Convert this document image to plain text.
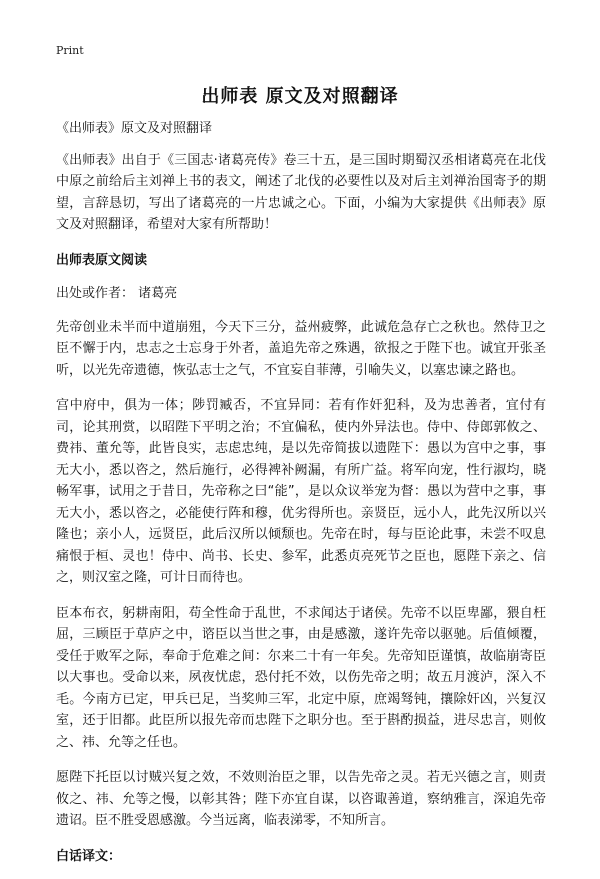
Print
出师表 原文及对照翻译
《出师表》原文及对照翻译
《出师表》出自于《三国志·诸葛亮传》卷三十五，是三国时期蜀汉丞相诸葛亮在北伐中原之前给后主刘禅上书的表文，阐述了北伐的必要性以及对后主刘禅治国寄予的期望，言辞恳切，写出了诸葛亮的一片忠诚之心。下面，小编为大家提供《出师表》原文及对照翻译，希望对大家有所帮助！
出师表原文阅读
出处或作者： 诸葛亮
先帝创业未半而中道崩殂，今天下三分，益州疲弊，此诚危急存亡之秋也。然侍卫之臣不懈于内，忠志之士忘身于外者，盖追先帝之殊遇，欲报之于陛下也。诚宜开张圣听，以光先帝遗德，恢弘志士之气，不宜妄自菲薄，引喻失义，以塞忠谏之路也。
宫中府中，俱为一体；陟罚臧否，不宜异同：若有作奸犯科，及为忠善者，宜付有司，论其刑赏，以昭陛下平明之治；不宜偏私，使内外异法也。侍中、侍郎郭攸之、费祎、董允等，此皆良实，志虑忠纯，是以先帝简拔以遗陛下：愚以为宫中之事，事无大小，悉以咨之，然后施行，必得裨补阙漏，有所广益。将军向宠，性行淑均，晓畅军事，试用之于昔日，先帝称之曰“能”，是以众议举宠为督：愚以为营中之事，事无大小，悉以咨之，必能使行阵和穆，优劣得所也。亲贤臣，远小人，此先汉所以兴隆也；亲小人，远贤臣，此后汉所以倾颓也。先帝在时，每与臣论此事，未尝不叹息痛恨于桓、灵也！侍中、尚书、长史、参军，此悉贞亮死节之臣也，愿陛下亲之、信之，则汉室之隆，可计日而待也。
臣本布衣，躬耕南阳，苟全性命于乱世，不求闻达于诸侯。先帝不以臣卑鄙，猥自枉屈，三顾臣于草庐之中，谘臣以当世之事，由是感激，遂许先帝以驱驰。后值倾覆，受任于败军之际，奉命于危难之间：尔来二十有一年矣。先帝知臣谨慎，故临崩寄臣以大事也。受命以来，夙夜忧虑，恐付托不效，以伤先帝之明；故五月渡泸，深入不毛。今南方已定，甲兵已足，当奖帅三军，北定中原，庶竭驽钝，攘除奸凶，兴复汉室，还于旧都。此臣所以报先帝而忠陛下之职分也。至于斟酌损益，进尽忠言，则攸之、祎、允等之任也。
愿陛下托臣以讨贼兴复之效，不效则治臣之罪，以告先帝之灵。若无兴德之言，则责攸之、祎、允等之慢，以彰其咎；陛下亦宜自谋，以咨诹善道，察纳雅言，深追先帝遗诏。臣不胜受恩感激。今当远离，临表涕零，不知所言。
白话译文：
